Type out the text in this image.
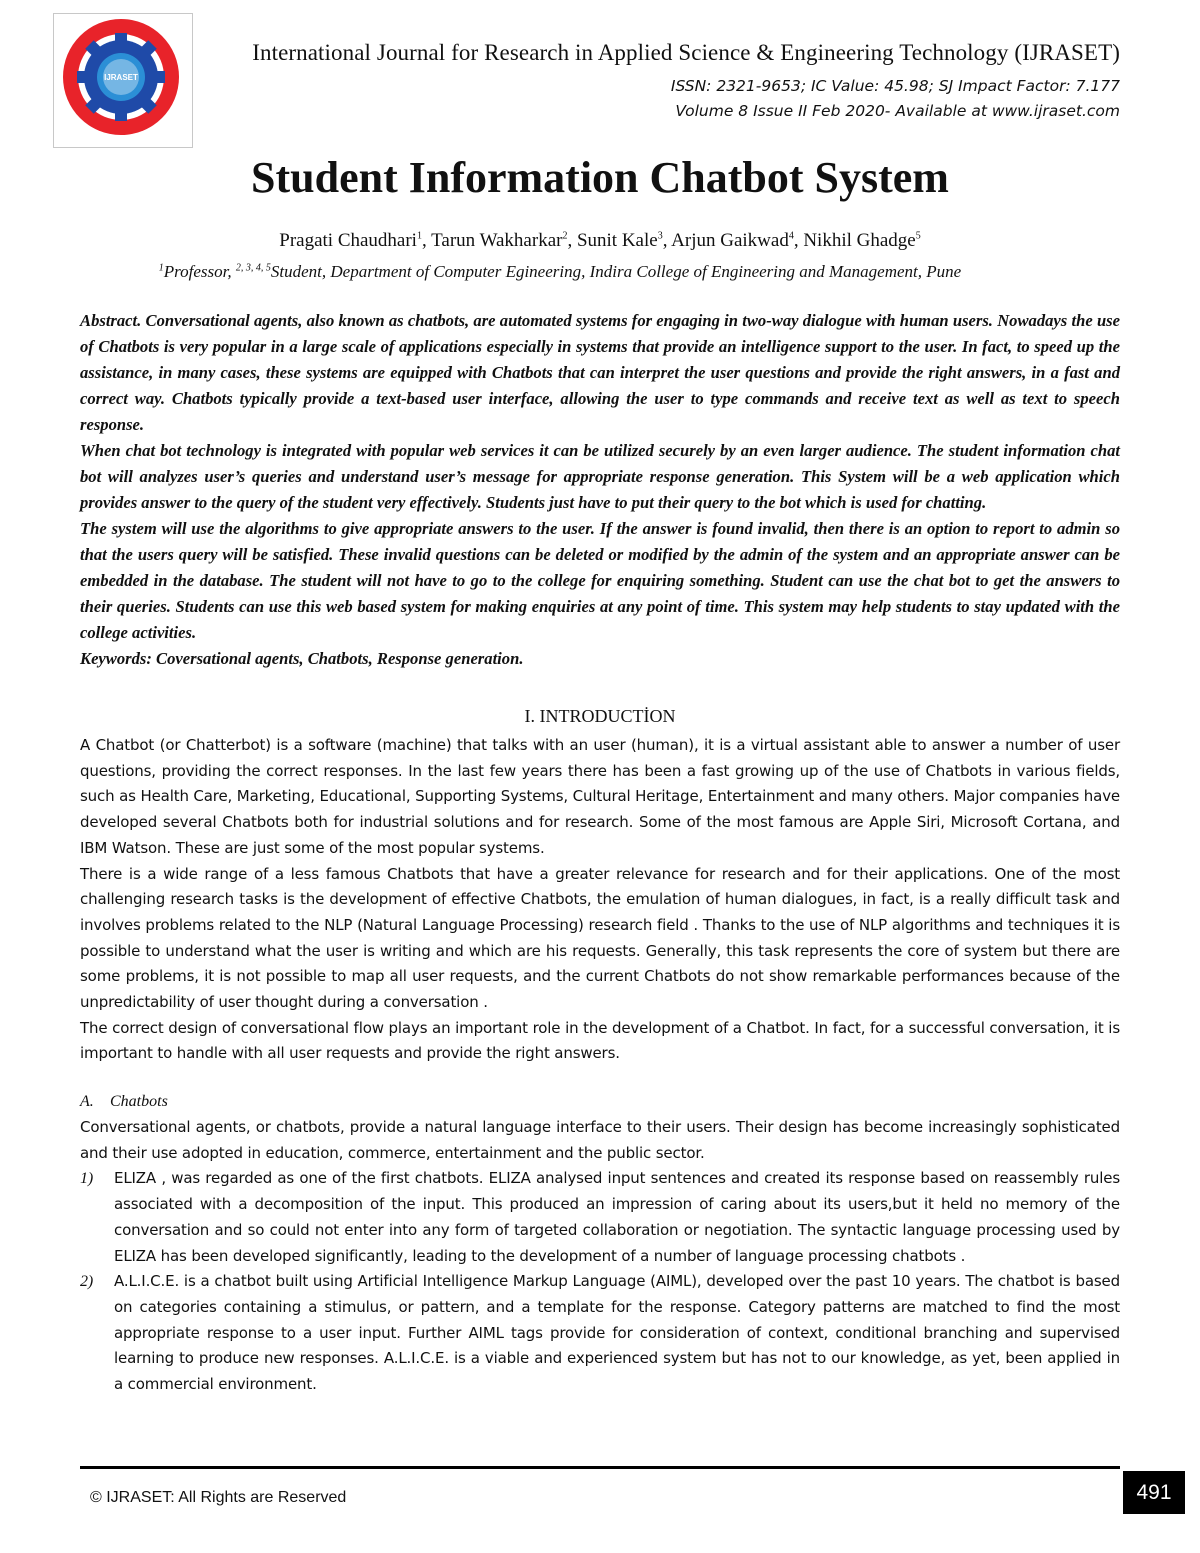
IJRASET
International Journal for Research in Applied Science & Engineering Technology (IJRASET)
ISSN: 2321-9653; IC Value: 45.98; SJ Impact Factor: 7.177
Volume 8 Issue II Feb 2020- Available at www.ijraset.com
Student Information Chatbot System
Pragati Chaudhari$^1$, Tarun Wakharkar$^2$, Sunit Kale$^3$, Arjun Gaikwad$^4$, Nikhil Ghadge$^5$
$^1$Professor, $^{2, 3, 4, 5}$Student, Department of Computer Egineering, Indira College of Engineering and Management, Pune

Abstract. Conversational agents, also known as chatbots, are automated systems for engaging in two-way dialogue with human users. Nowadays the use of Chatbots is very popular in a large scale of applications especially in systems that provide an intelligence support to the user. In fact, to speed up the assistance, in many cases, these systems are equipped with Chatbots that can interpret the user questions and provide the right answers, in a fast and correct way. Chatbots typically provide a text-based user interface, allowing the user to type commands and receive text as well as text to speech response.

When chat bot technology is integrated with popular web services it can be utilized securely by an even larger audience. The student information chat bot will analyzes user’s queries and understand user’s message for appropriate response generation. This System will be a web application which provides answer to the query of the student very effectively. Students just have to put their query to the bot which is used for chatting.

The system will use the algorithms to give appropriate answers to the user. If the answer is found invalid, then there is an option to report to admin so that the users query will be satisfied. These invalid questions can be deleted or modified by the admin of the system and an appropriate answer can be embedded in the database. The student will not have to go to the college for enquiring something. Student can use the chat bot to get the answers to their queries. Students can use this web based system for making enquiries at any point of time. This system may help students to stay updated with the college activities.

Keywords: Coversational agents, Chatbots, Response generation.

I. INTRODUCTİON

A Chatbot (or Chatterbot) is a software (machine) that talks with an user (human), it is a virtual assistant able to answer a number of user questions, providing the correct responses. In the last few years there has been a fast growing up of the use of Chatbots in various fields, such as Health Care, Marketing, Educational, Supporting Systems, Cultural Heritage, Entertainment and many others. Major companies have developed several Chatbots both for industrial solutions and for research. Some of the most famous are Apple Siri, Microsoft Cortana, and IBM Watson. These are just some of the most popular systems.

There is a wide range of a less famous Chatbots that have a greater relevance for research and for their applications. One of the most challenging research tasks is the development of effective Chatbots, the emulation of human dialogues, in fact, is a really difficult task and involves problems related to the NLP (Natural Language Processing) research field . Thanks to the use of NLP algorithms and techniques it is possible to understand what the user is writing and which are his requests. Generally, this task represents the core of system but there are some problems, it is not possible to map all user requests, and the current Chatbots do not show remarkable performances because of the unpredictability of user thought during a conversation .

The correct design of conversational flow plays an important role in the development of a Chatbot. In fact, for a successful conversation, it is important to handle with all user requests and provide the right answers.

A. Chatbots

Conversational agents, or chatbots, provide a natural language interface to their users. Their design has become increasingly sophisticated and their use adopted in education, commerce, entertainment and the public sector.

1) ELIZA , was regarded as one of the first chatbots. ELIZA analysed input sentences and created its response based on reassembly rules associated with a decomposition of the input. This produced an impression of caring about its users,but it held no memory of the conversation and so could not enter into any form of targeted collaboration or negotiation. The syntactic language processing used by ELIZA has been developed significantly, leading to the development of a number of language processing chatbots .

2) A.L.I.C.E. is a chatbot built using Artificial Intelligence Markup Language (AIML), developed over the past 10 years. The chatbot is based on categories containing a stimulus, or pattern, and a template for the response. Category patterns are matched to find the most appropriate response to a user input. Further AIML tags provide for consideration of context, conditional branching and supervised learning to produce new responses. A.L.I.C.E. is a viable and experienced system but has not to our knowledge, as yet, been applied in a commercial environment.

© IJRASET: All Rights are Reserved	491
